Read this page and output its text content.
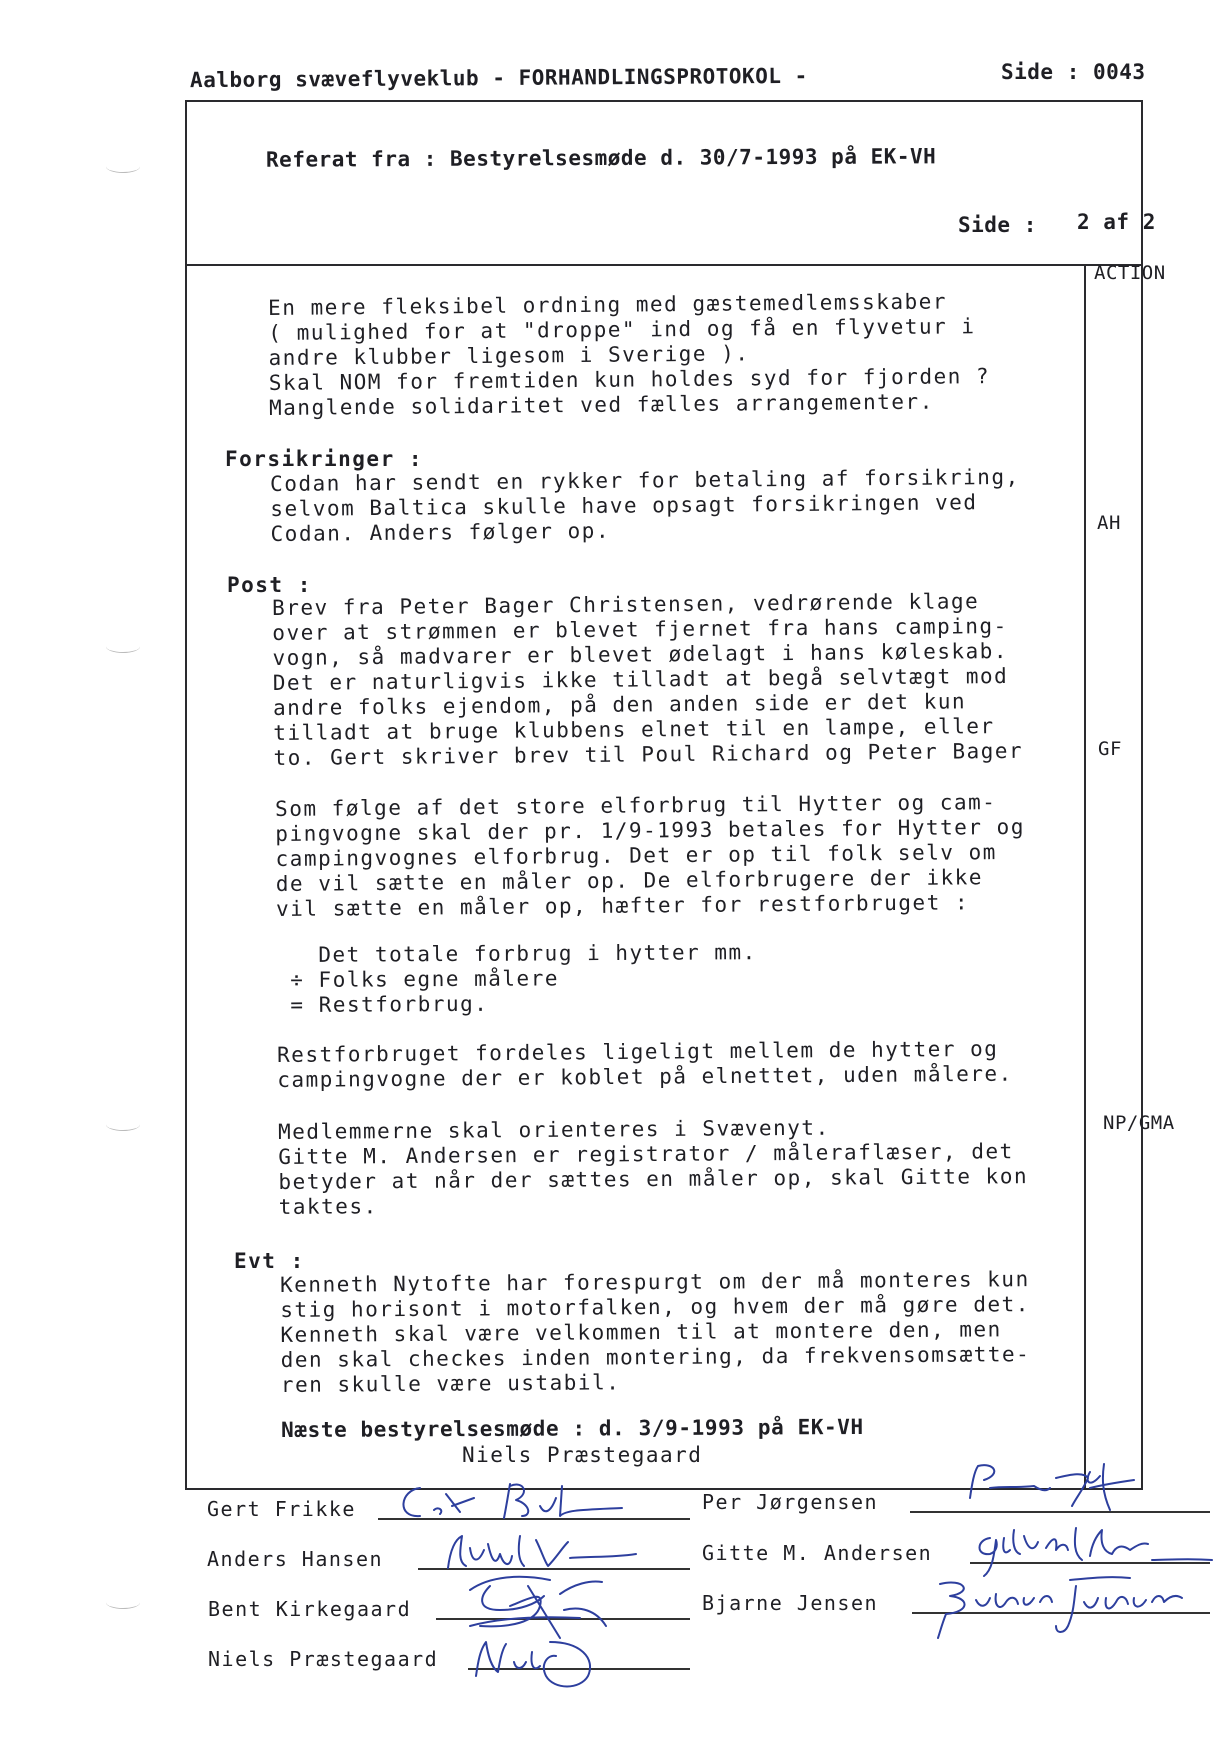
Aalborg svæveflyveklub - FORHANDLINGSPROTOKOL -	Side : 0043
Referat fra : Bestyrelsesmøde d. 30/7-1993 på EK-VH
Side : 2 af 2
ACTION
AH
GF
NP/GMA
En mere fleksibel ordning med gæstemedlemsskaber
( mulighed for at "droppe" ind og få en flyvetur i
andre klubber ligesom i Sverige ).
Skal NOM for fremtiden kun holdes syd for fjorden ?
Manglende solidaritet ved fælles arrangementer.
Forsikringer :
Codan har sendt en rykker for betaling af forsikring,
selvom Baltica skulle have opsagt forsikringen ved
Codan. Anders følger op.
Post :
Brev fra Peter Bager Christensen, vedrørende klage
over at strømmen er blevet fjernet fra hans camping-
vogn, så madvarer er blevet ødelagt i hans køleskab.
Det er naturligvis ikke tilladt at begå selvtægt mod
andre folks ejendom, på den anden side er det kun
tilladt at bruge klubbens elnet til en lampe, eller
to. Gert skriver brev til Poul Richard og Peter Bager
Som følge af det store elforbrug til Hytter og cam-
pingvogne skal der pr. 1/9-1993 betales for Hytter og
campingvognes elforbrug. Det er op til folk selv om
de vil sætte en måler op. De elforbrugere der ikke
vil sætte en måler op, hæfter for restforbruget :
Det totale forbrug i hytter mm.
÷ Folks egne målere
= Restforbrug.
Restforbruget fordeles ligeligt mellem de hytter og
campingvogne der er koblet på elnettet, uden målere.
Medlemmerne skal orienteres i Svævenyt.
Gitte M. Andersen er registrator / måleraflæser, det
betyder at når der sættes en måler op, skal Gitte kon
taktes.
Evt :
Kenneth Nytofte har forespurgt om der må monteres kun
stig horisont i motorfalken, og hvem der må gøre det.
Kenneth skal være velkommen til at montere den, men
den skal checkes inden montering, da frekvensomsætte-
ren skulle være ustabil.
Næste bestyrelsesmøde : d. 3/9-1993 på EK-VH
Niels Præstegaard
Gert Frikke
Anders Hansen
Bent Kirkegaard
Niels Præstegaard
Per Jørgensen
Gitte M. Andersen
Bjarne Jensen
